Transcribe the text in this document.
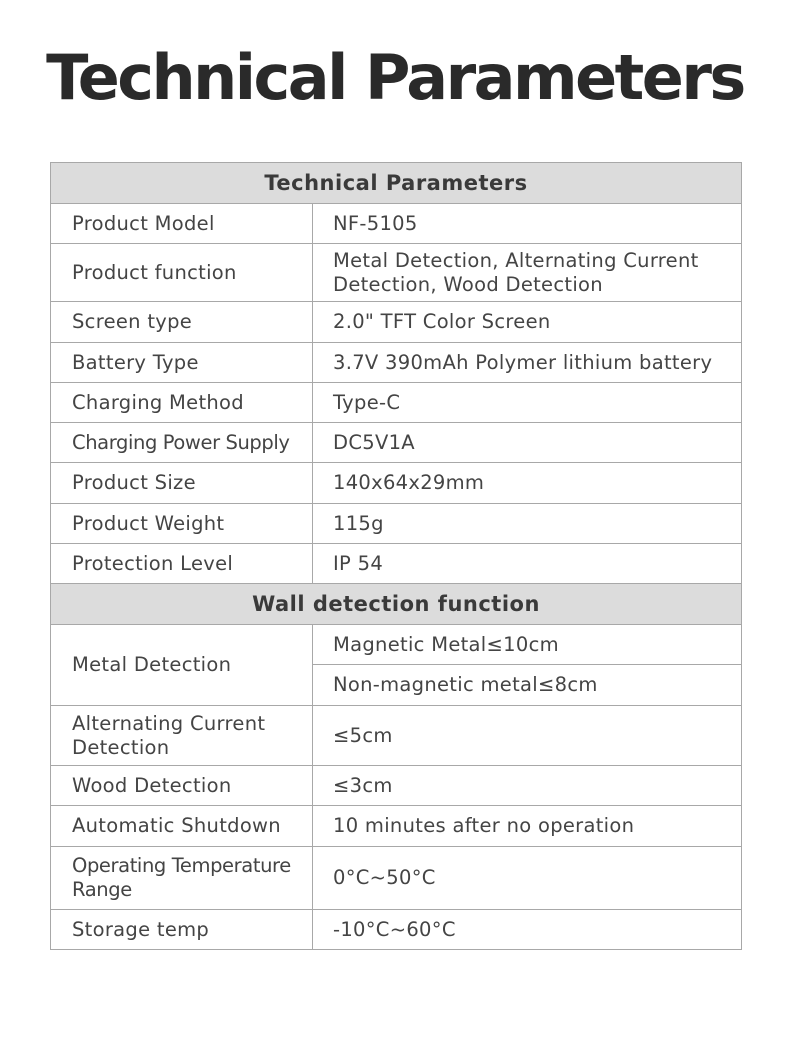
Technical Parameters
Technical Parameters	
Product Model	NF-5105
Product function	Metal Detection, Alternating Current Detection, Wood Detection
Screen type	2.0" TFT Color Screen
Battery Type	3.7V 390mAh Polymer lithium battery
Charging Method	Type-C
Charging Power Supply	DC5V1A
Product Size	140x64x29mm
Product Weight	115g
Protection Level	IP 54
Wall detection function	
Metal Detection	Magnetic Metal≤10cm
	Non-magnetic metal≤8cm
Alternating Current Detection	≤5cm
Wood Detection	≤3cm
Automatic Shutdown	10 minutes after no operation
Operating Temperature Range	0°C~50°C
Storage temp	-10°C~60°C
